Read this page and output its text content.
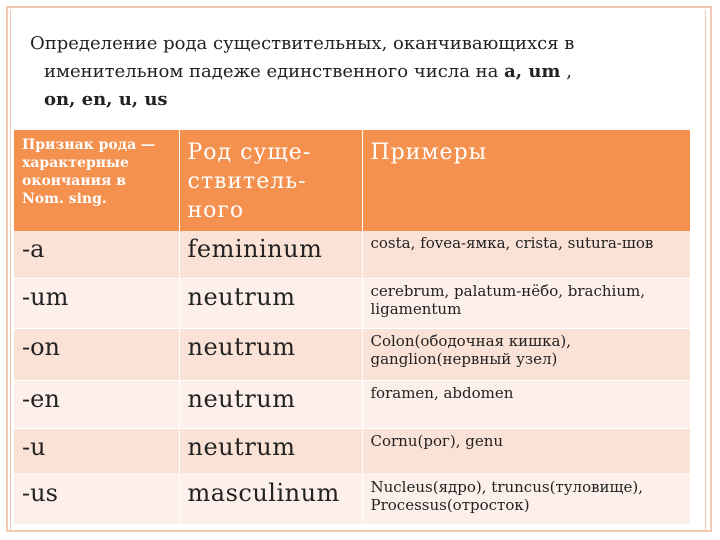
Определение рода существительных, оканчивающихся в
именительном падеже единственного числа на a, um ,
on, en, u, us
Признак рода — характерные окончания в Nom. sing.	Род суще-ствитель-ного	Примеры
-a	femininum	costa, fovea-ямка, crista, sutura-шов
-um	neutrum	cerebrum, palatum-нёбо, brachium, ligamentum
-on	neutrum	Colon(ободочная кишка), ganglion(нервный узел)
-en	neutrum	foramen, abdomen
-u	neutrum	Cornu(рог), genu
-us	masculinum	Nucleus(ядро), truncus(туловище), Processus(отросток)
